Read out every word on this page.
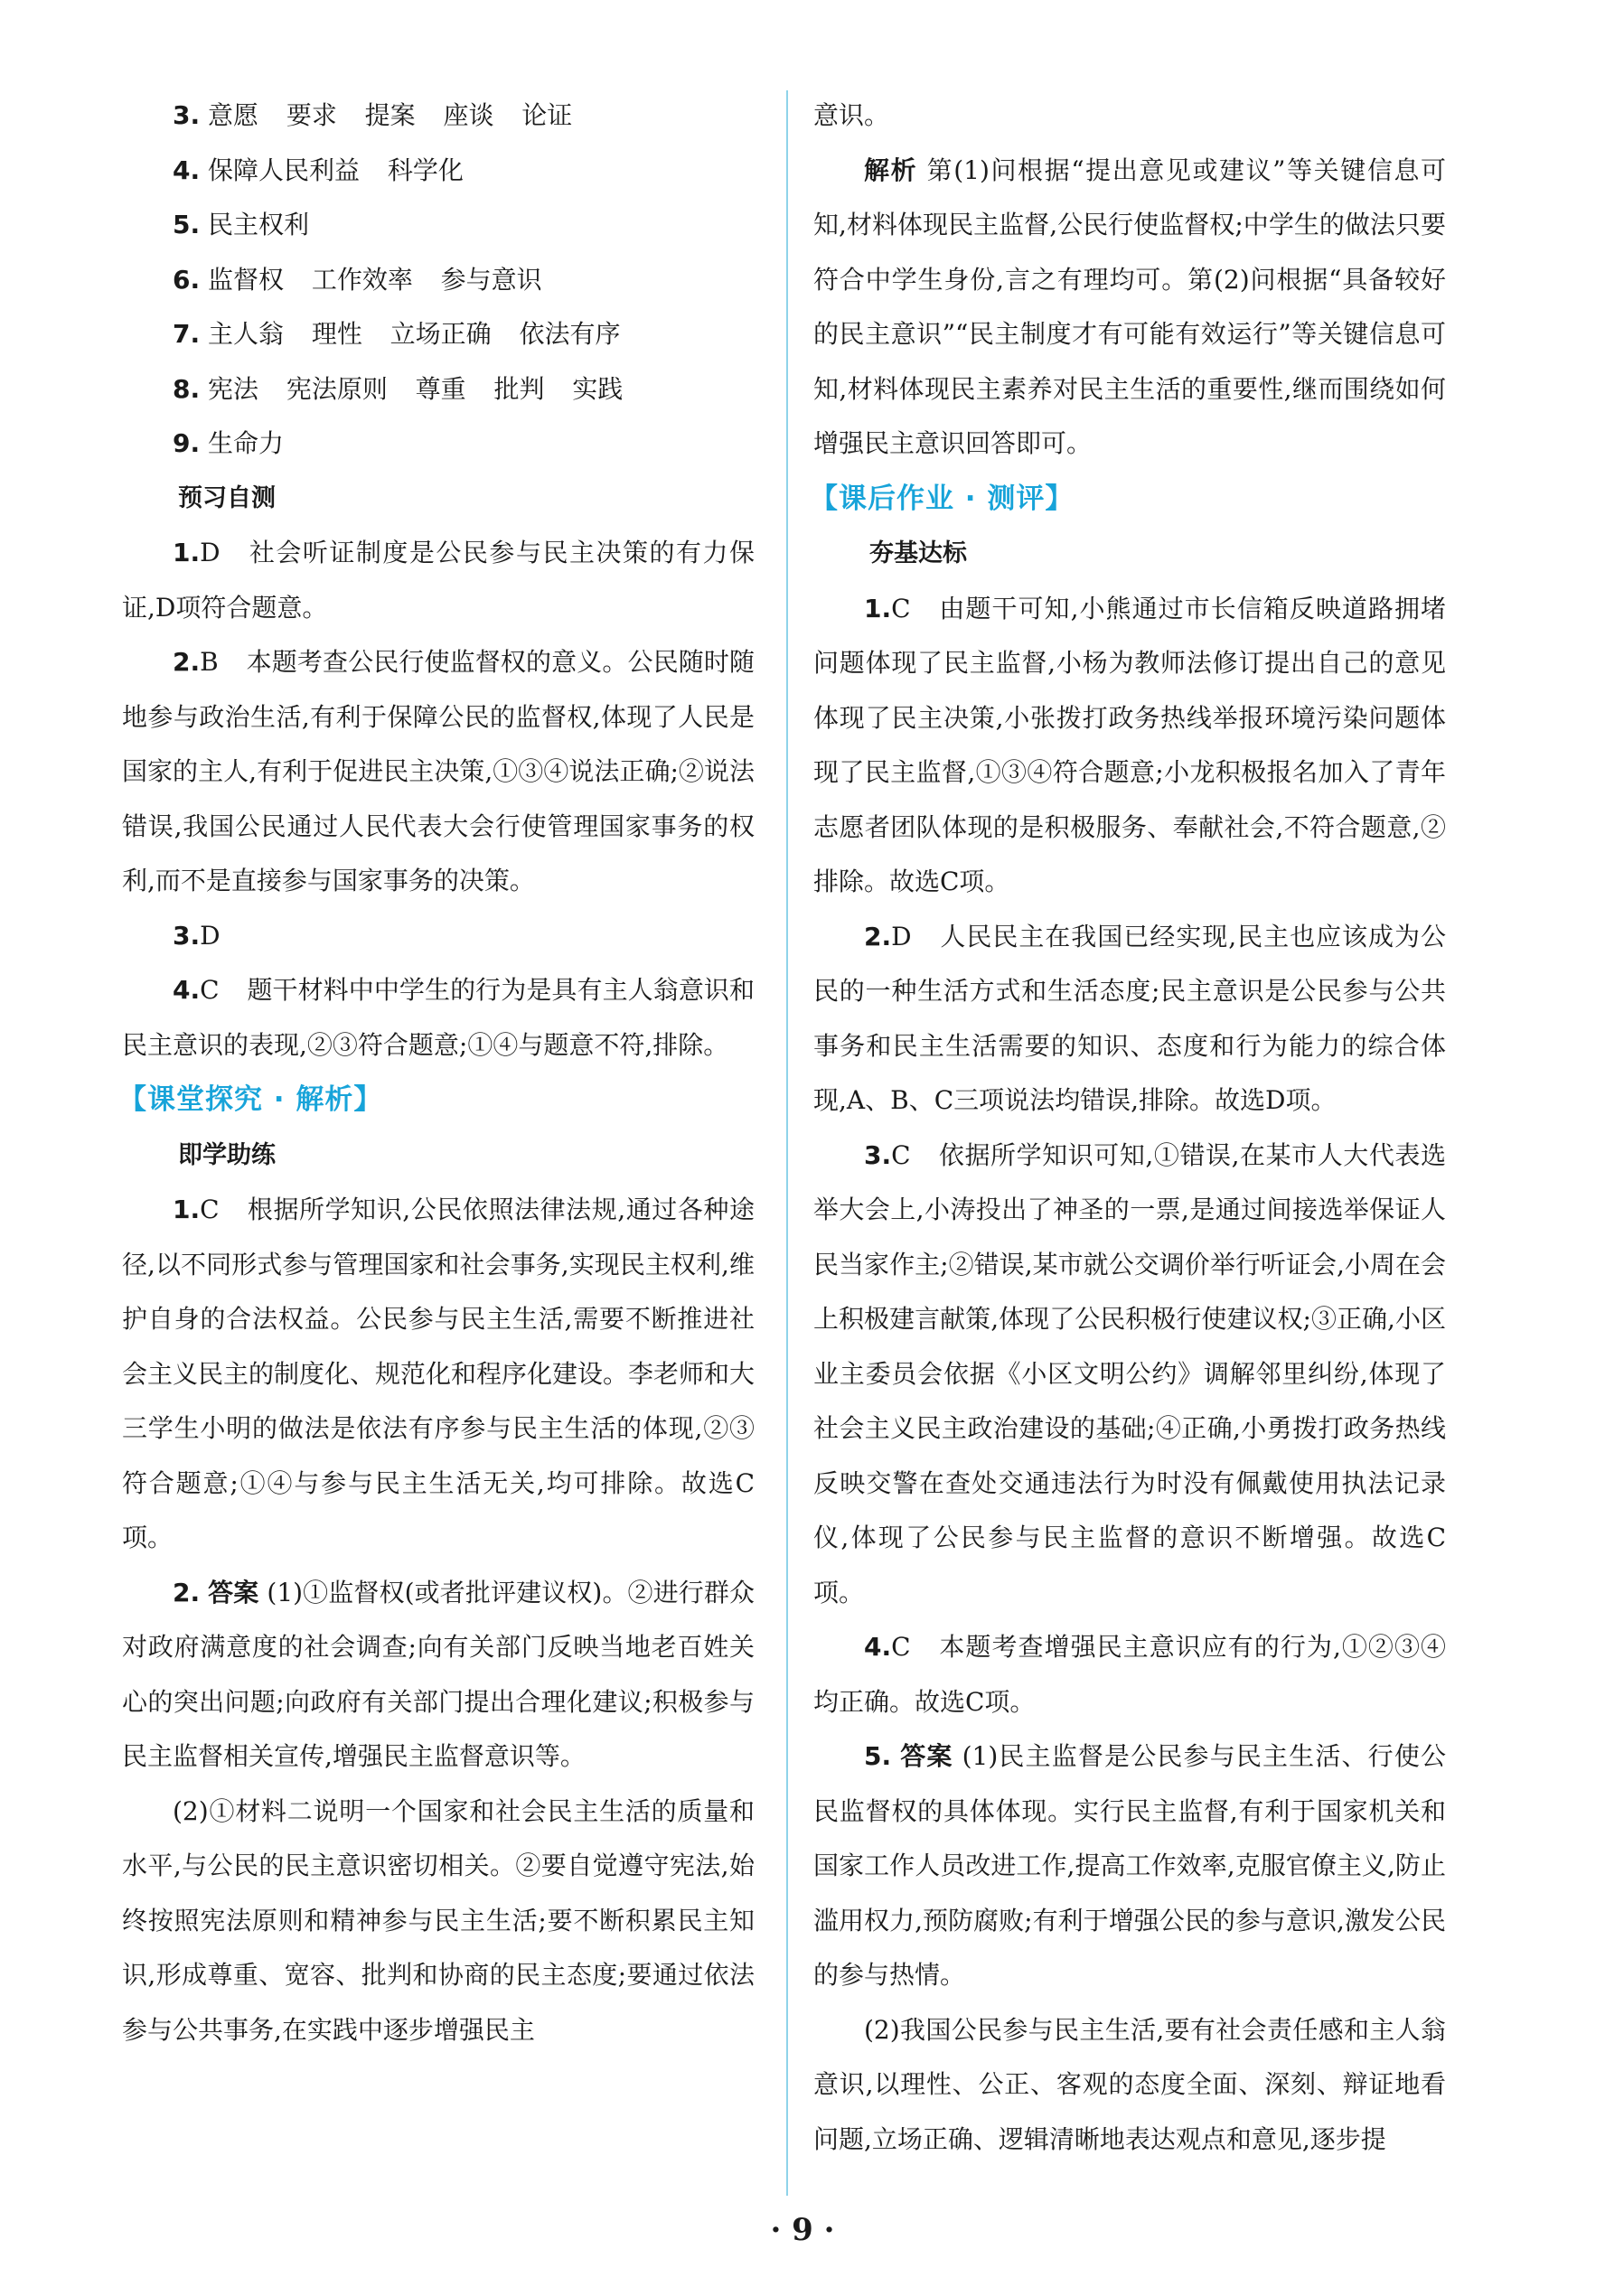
3. 意愿 要求 提案 座谈 论证
4. 保障人民利益 科学化
5. 民主权利
6. 监督权 工作效率 参与意识
7. 主人翁 理性 立场正确 依法有序
8. 宪法 宪法原则 尊重 批判 实践
9. 生命力
预习自测
1.D 社会听证制度是公民参与民主决策的有力保证,D项符合题意。
2.B 本题考查公民行使监督权的意义。公民随时随地参与政治生活,有利于保障公民的监督权,体现了人民是国家的主人,有利于促进民主决策,①③④说法正确;②说法错误,我国公民通过人民代表大会行使管理国家事务的权利,而不是直接参与国家事务的决策。
3.D
4.C 题干材料中中学生的行为是具有主人翁意识和民主意识的表现,②③符合题意;①④与题意不符,排除。
【课堂探究 · 解析】
即学助练
1.C 根据所学知识,公民依照法律法规,通过各种途径,以不同形式参与管理国家和社会事务,实现民主权利,维护自身的合法权益。公民参与民主生活,需要不断推进社会主义民主的制度化、规范化和程序化建设。李老师和大三学生小明的做法是依法有序参与民主生活的体现,②③符合题意;①④与参与民主生活无关,均可排除。故选C项。
2. 答案 (1)①监督权(或者批评建议权)。②进行群众对政府满意度的社会调查;向有关部门反映当地老百姓关心的突出问题;向政府有关部门提出合理化建议;积极参与民主监督相关宣传,增强民主监督意识等。
(2)①材料二说明一个国家和社会民主生活的质量和水平,与公民的民主意识密切相关。②要自觉遵守宪法,始终按照宪法原则和精神参与民主生活;要不断积累民主知识,形成尊重、宽容、批判和协商的民主态度;要通过依法参与公共事务,在实践中逐步增强民主
意识。
解析 第(1)问根据“提出意见或建议”等关键信息可知,材料体现民主监督,公民行使监督权;中学生的做法只要符合中学生身份,言之有理均可。第(2)问根据“具备较好的民主意识”“民主制度才有可能有效运行”等关键信息可知,材料体现民主素养对民主生活的重要性,继而围绕如何增强民主意识回答即可。
【课后作业 · 测评】
夯基达标
1.C 由题干可知,小熊通过市长信箱反映道路拥堵问题体现了民主监督,小杨为教师法修订提出自己的意见体现了民主决策,小张拨打政务热线举报环境污染问题体现了民主监督,①③④符合题意;小龙积极报名加入了青年志愿者团队体现的是积极服务、奉献社会,不符合题意,②排除。故选C项。
2.D 人民民主在我国已经实现,民主也应该成为公民的一种生活方式和生活态度;民主意识是公民参与公共事务和民主生活需要的知识、态度和行为能力的综合体现,A、B、C三项说法均错误,排除。故选D项。
3.C 依据所学知识可知,①错误,在某市人大代表选举大会上,小涛投出了神圣的一票,是通过间接选举保证人民当家作主;②错误,某市就公交调价举行听证会,小周在会上积极建言献策,体现了公民积极行使建议权;③正确,小区业主委员会依据《小区文明公约》调解邻里纠纷,体现了社会主义民主政治建设的基础;④正确,小勇拨打政务热线反映交警在查处交通违法行为时没有佩戴使用执法记录仪,体现了公民参与民主监督的意识不断增强。故选C项。
4.C 本题考查增强民主意识应有的行为,①②③④均正确。故选C项。
5. 答案 (1)民主监督是公民参与民主生活、行使公民监督权的具体体现。实行民主监督,有利于国家机关和国家工作人员改进工作,提高工作效率,克服官僚主义,防止滥用权力,预防腐败;有利于增强公民的参与意识,激发公民的参与热情。
(2)我国公民参与民主生活,要有社会责任感和主人翁意识,以理性、公正、客观的态度全面、深刻、辩证地看问题,立场正确、逻辑清晰地表达观点和意见,逐步提
· 9 ·
